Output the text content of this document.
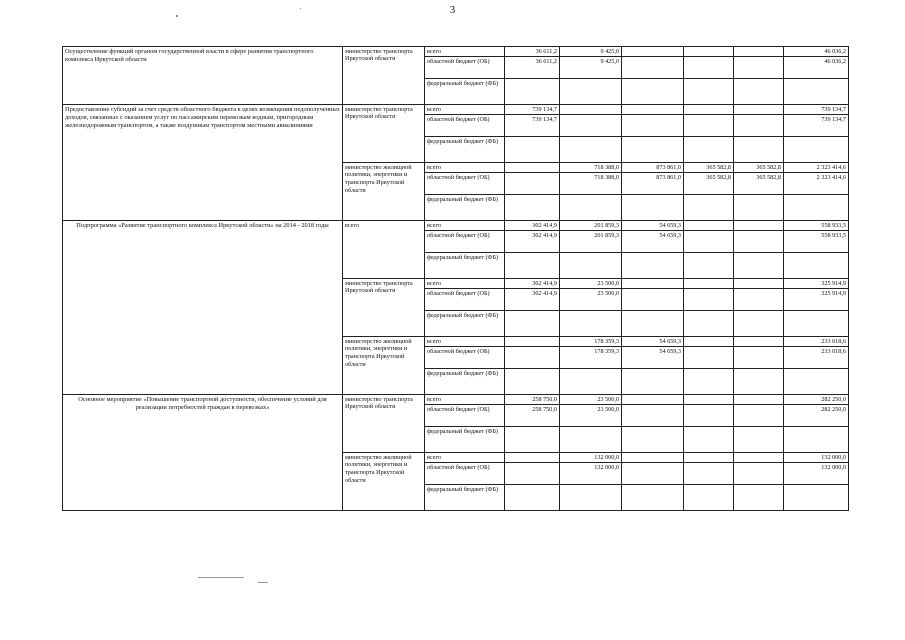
3
Осуществление функций органом государственной власти в сфере развития транспортного комплекса Иркутской области	министерство транспорта Иркутской области	всего	36 611,2	9 425,0				46 036,2
		областной бюджет (ОБ)	36 611,2	9 425,0				46 036,2
		федеральный бюджет (ФБ)						
Предоставление субсидий за счет средств областного бюджета в целях возмещения недополученных доходов, связанных с оказанием услуг по пассажирским перевозкам водным, пригородным железнодорожным транспортом, а также воздушным транспортом местными авиалиниями	министерство транспорта Иркутской области	всего	739 134,7					739 134,7
		областной бюджет (ОБ)	739 134,7					739 134,7
		федеральный бюджет (ФБ)						
	министерство жилищной политики, энергетики и транспорта Иркутской области	всего		718 388,0	873 861,0	365 582,8	365 582,8	2 323 414,6
		областной бюджет (ОБ)		718 388,0	873 861,0	365 582,8	365 582,8	2 323 414,6
		федеральный бюджет (ФБ)						
Подпрограмма «Развитие транспортного комплекса Иркутской области» на 2014 - 2018 годы	всего	всего	302 414,9	201 859,3	54 659,3			558 933,5
		областной бюджет (ОБ)	302 414,9	201 859,3	54 659,3			558 933,5
		федеральный бюджет (ФБ)						
	министерство транспорта Иркутской области	всего	302 414,9	23 500,0				325 914,9
		областной бюджет (ОБ)	302 414,9	23 500,0				325 914,9
		федеральный бюджет (ФБ)						
	министерство жилищной политики, энергетики и транспорта Иркутской области	всего		178 359,3	54 659,3			233 018,6
		областной бюджет (ОБ)		178 359,3	54 659,3			233 018,6
		федеральный бюджет (ФБ)						
Основное мероприятие «Повышение транспортной доступности, обеспечение условий для реализации потребностей граждан в перевозках»	министерство транспорта Иркутской области	всего	258 750,0	23 500,0				282 250,0
		областной бюджет (ОБ)	258 750,0	23 500,0				282 250,0
		федеральный бюджет (ФБ)						
	министерство жилищной политики, энергетики и транспорта Иркутской области	всего		132 000,0				132 000,0
		областной бюджет (ОБ)		132 000,0				132 000,0
		федеральный бюджет (ФБ)						
